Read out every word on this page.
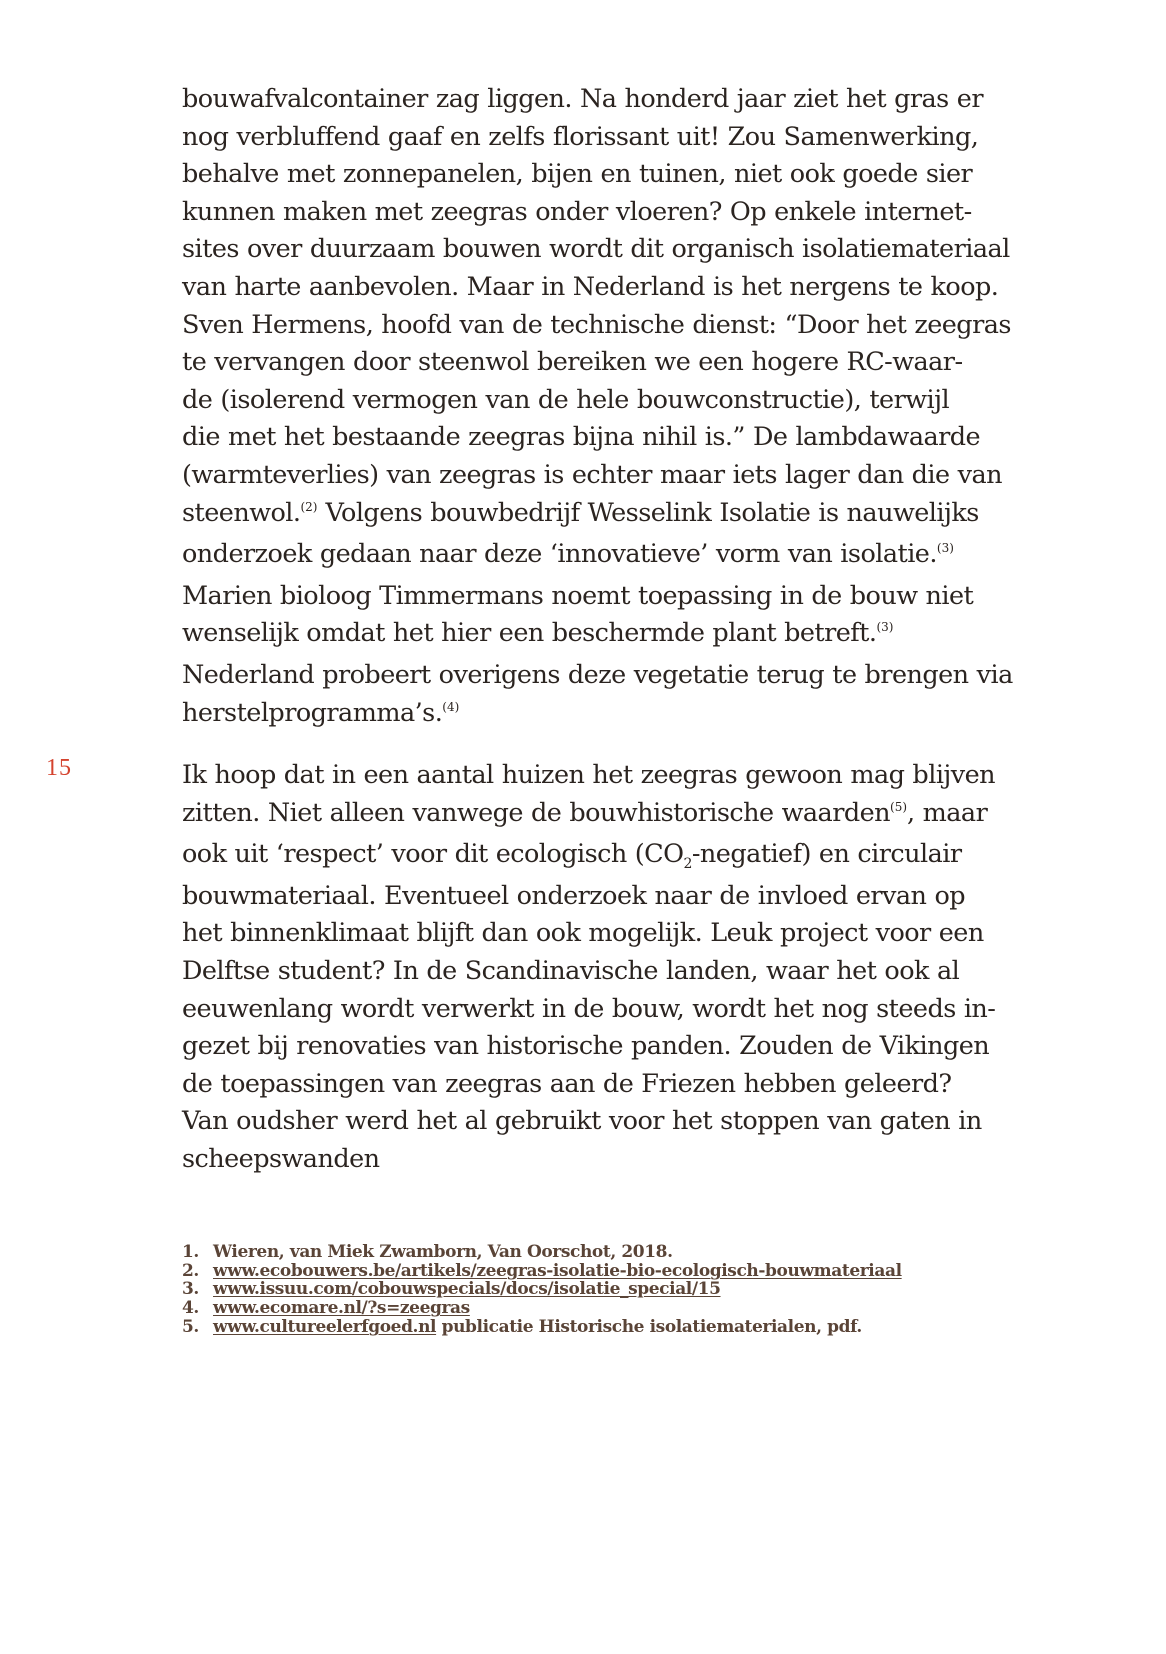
15
bouwafvalcontainer zag liggen. Na honderd jaar ziet het gras er
nog verbluffend gaaf en zelfs florissant uit! Zou Samenwerking,
behalve met zonnepanelen, bijen en tuinen, niet ook goede sier
kunnen maken met zeegras onder vloeren? Op enkele internet-
sites over duurzaam bouwen wordt dit organisch isolatiemateriaal
van harte aanbevolen. Maar in Nederland is het nergens te koop.
Sven Hermens, hoofd van de technische dienst: “Door het zeegras
te vervangen door steenwol bereiken we een hogere RC-waar-
de (isolerend vermogen van de hele bouwconstructie), terwijl
die met het bestaande zeegras bijna nihil is.” De lambdawaarde
(warmteverlies) van zeegras is echter maar iets lager dan die van
steenwol.$^{(2)}$ Volgens bouwbedrijf Wesselink Isolatie is nauwelijks
onderzoek gedaan naar deze ‘innovatieve’ vorm van isolatie.$^{(3)}$
Marien bioloog Timmermans noemt toepassing in de bouw niet
wenselijk omdat het hier een beschermde plant betreft.$^{(3)}$
Nederland probeert overigens deze vegetatie terug te brengen via
herstelprogramma’s.$^{(4)}$
Ik hoop dat in een aantal huizen het zeegras gewoon mag blijven
zitten. Niet alleen vanwege de bouwhistorische waarden$^{(5)}$, maar
ook uit ‘respect’ voor dit ecologisch $(CO_2-negatief)$ en circulair
bouwmateriaal. Eventueel onderzoek naar de invloed ervan op
het binnenklimaat blijft dan ook mogelijk. Leuk project voor een
Delftse student? In de Scandinavische landen, waar het ook al
eeuwenlang wordt verwerkt in de bouw, wordt het nog steeds in-
gezet bij renovaties van historische panden. Zouden de Vikingen
de toepassingen van zeegras aan de Friezen hebben geleerd?
Van oudsher werd het al gebruikt voor het stoppen van gaten in
scheepswanden
1. Wieren, van Miek Zwamborn, Van Oorschot, 2018.
2. www.ecobouwers.be/artikels/zeegras-isolatie-bio-ecologisch-bouwmateriaal
3. www.issuu.com/cobouwspecials/docs/isolatie_special/15
4. www.ecomare.nl/?s=zeegras
5. www.cultureelerfgoed.nl publicatie Historische isolatiematerialen, pdf.
